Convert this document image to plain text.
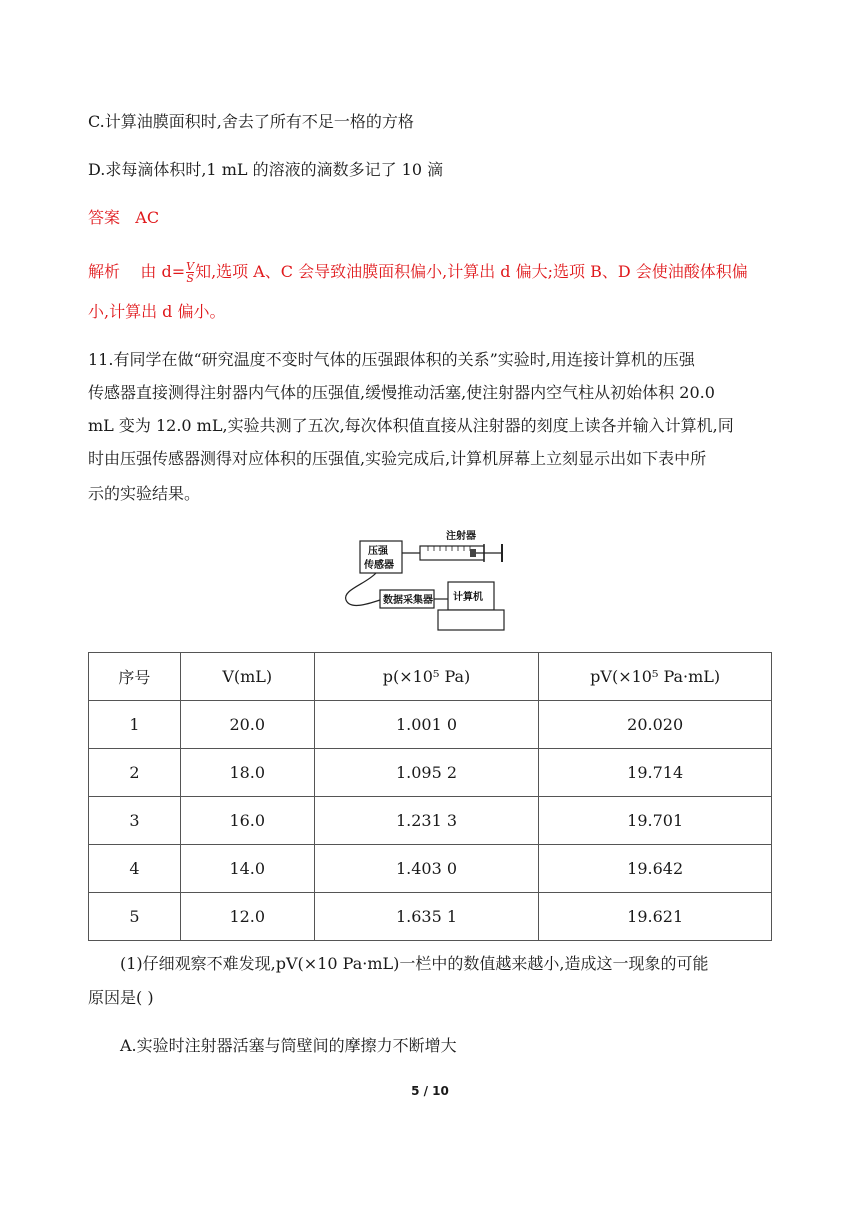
C.计算油膜面积时,舍去了所有不足一格的方格
D.求每滴体积时,1 mL 的溶液的滴数多记了 10 滴
答案 AC
解析 由 $d= \frac{V}{S}$ 知,选项 A、C 会导致油膜面积偏小,计算出 d 偏大;选项 B、D 会使油酸体积偏
小,计算出 d 偏小。
11.有同学在做“研究温度不变时气体的压强跟体积的关系”实验时,用连接计算机的压强
传感器直接测得注射器内气体的压强值,缓慢推动活塞,使注射器内空气柱从初始体积 20.0
mL 变为 12.0 mL,实验共测了五次,每次体积值直接从注射器的刻度上读各并输入计算机,同
时由压强传感器测得对应体积的压强值,实验完成后,计算机屏幕上立刻显示出如下表中所
示的实验结果。
压强
传感器
注射器
数据采集器 计算机
序号	V(mL)	p(×10⁵ Pa)	pV(×10⁵ Pa·mL)
1	20.0	1.001 0	20.020
2	18.0	1.095 2	19.714
3	16.0	1.231 3	19.701
4	14.0	1.403 0	19.642
5	12.0	1.635 1	19.621
(1)仔细观察不难发现,pV(×10 Pa·mL)一栏中的数值越来越小,造成这一现象的可能
原因是( )
A.实验时注射器活塞与筒壁间的摩擦力不断增大
5 / 10
